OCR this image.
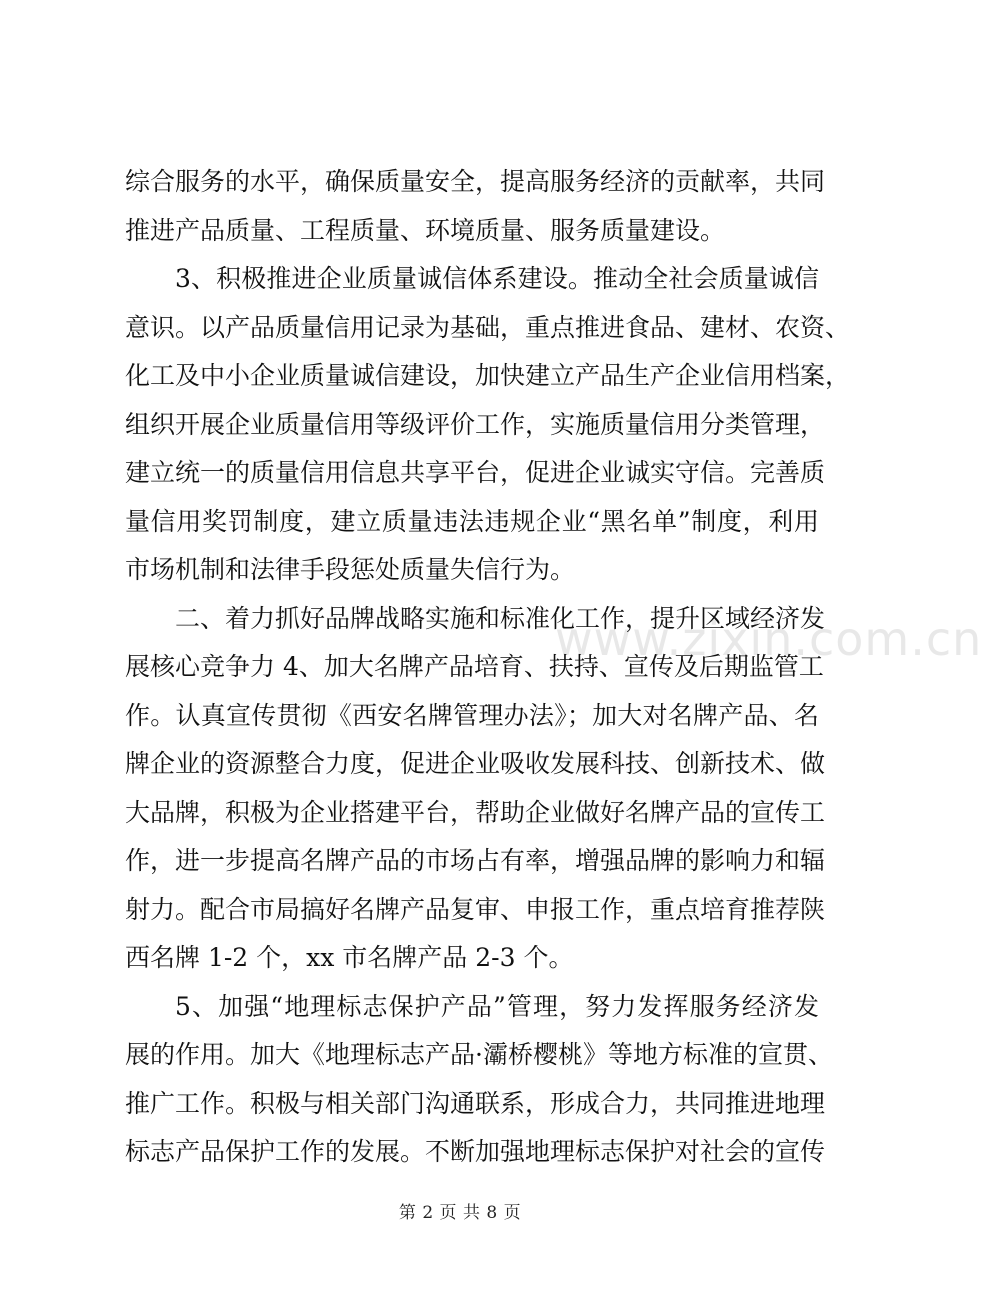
www.zixin.com.cn
综合服务的水平，确保质量安全，提高服务经济的贡献率，共同
推进产品质量、工程质量、环境质量、服务质量建设。
3、积极推进企业质量诚信体系建设。推动全社会质量诚信
意识。以产品质量信用记录为基础，重点推进食品、建材、农资、
化工及中小企业质量诚信建设，加快建立产品生产企业信用档案，
组织开展企业质量信用等级评价工作，实施质量信用分类管理，
建立统一的质量信用信息共享平台，促进企业诚实守信。完善质
量信用奖罚制度，建立质量违法违规企业“黑名单”制度，利用
市场机制和法律手段惩处质量失信行为。
二、着力抓好品牌战略实施和标准化工作，提升区域经济发
展核心竞争力 4、加大名牌产品培育、扶持、宣传及后期监管工
作。认真宣传贯彻《西安名牌管理办法》；加大对名牌产品、名
牌企业的资源整合力度，促进企业吸收发展科技、创新技术、做
大品牌，积极为企业搭建平台，帮助企业做好名牌产品的宣传工
作，进一步提高名牌产品的市场占有率，增强品牌的影响力和辐
射力。配合市局搞好名牌产品复审、申报工作，重点培育推荐陕
西名牌 1-2 个，xx 市名牌产品 2-3 个。
5、加强“地理标志保护产品”管理，努力发挥服务经济发
展的作用。加大《地理标志产品·灞桥樱桃》等地方标准的宣贯、
推广工作。积极与相关部门沟通联系，形成合力，共同推进地理
标志产品保护工作的发展。不断加强地理标志保护对社会的宣传
第 2 页 共 8 页
